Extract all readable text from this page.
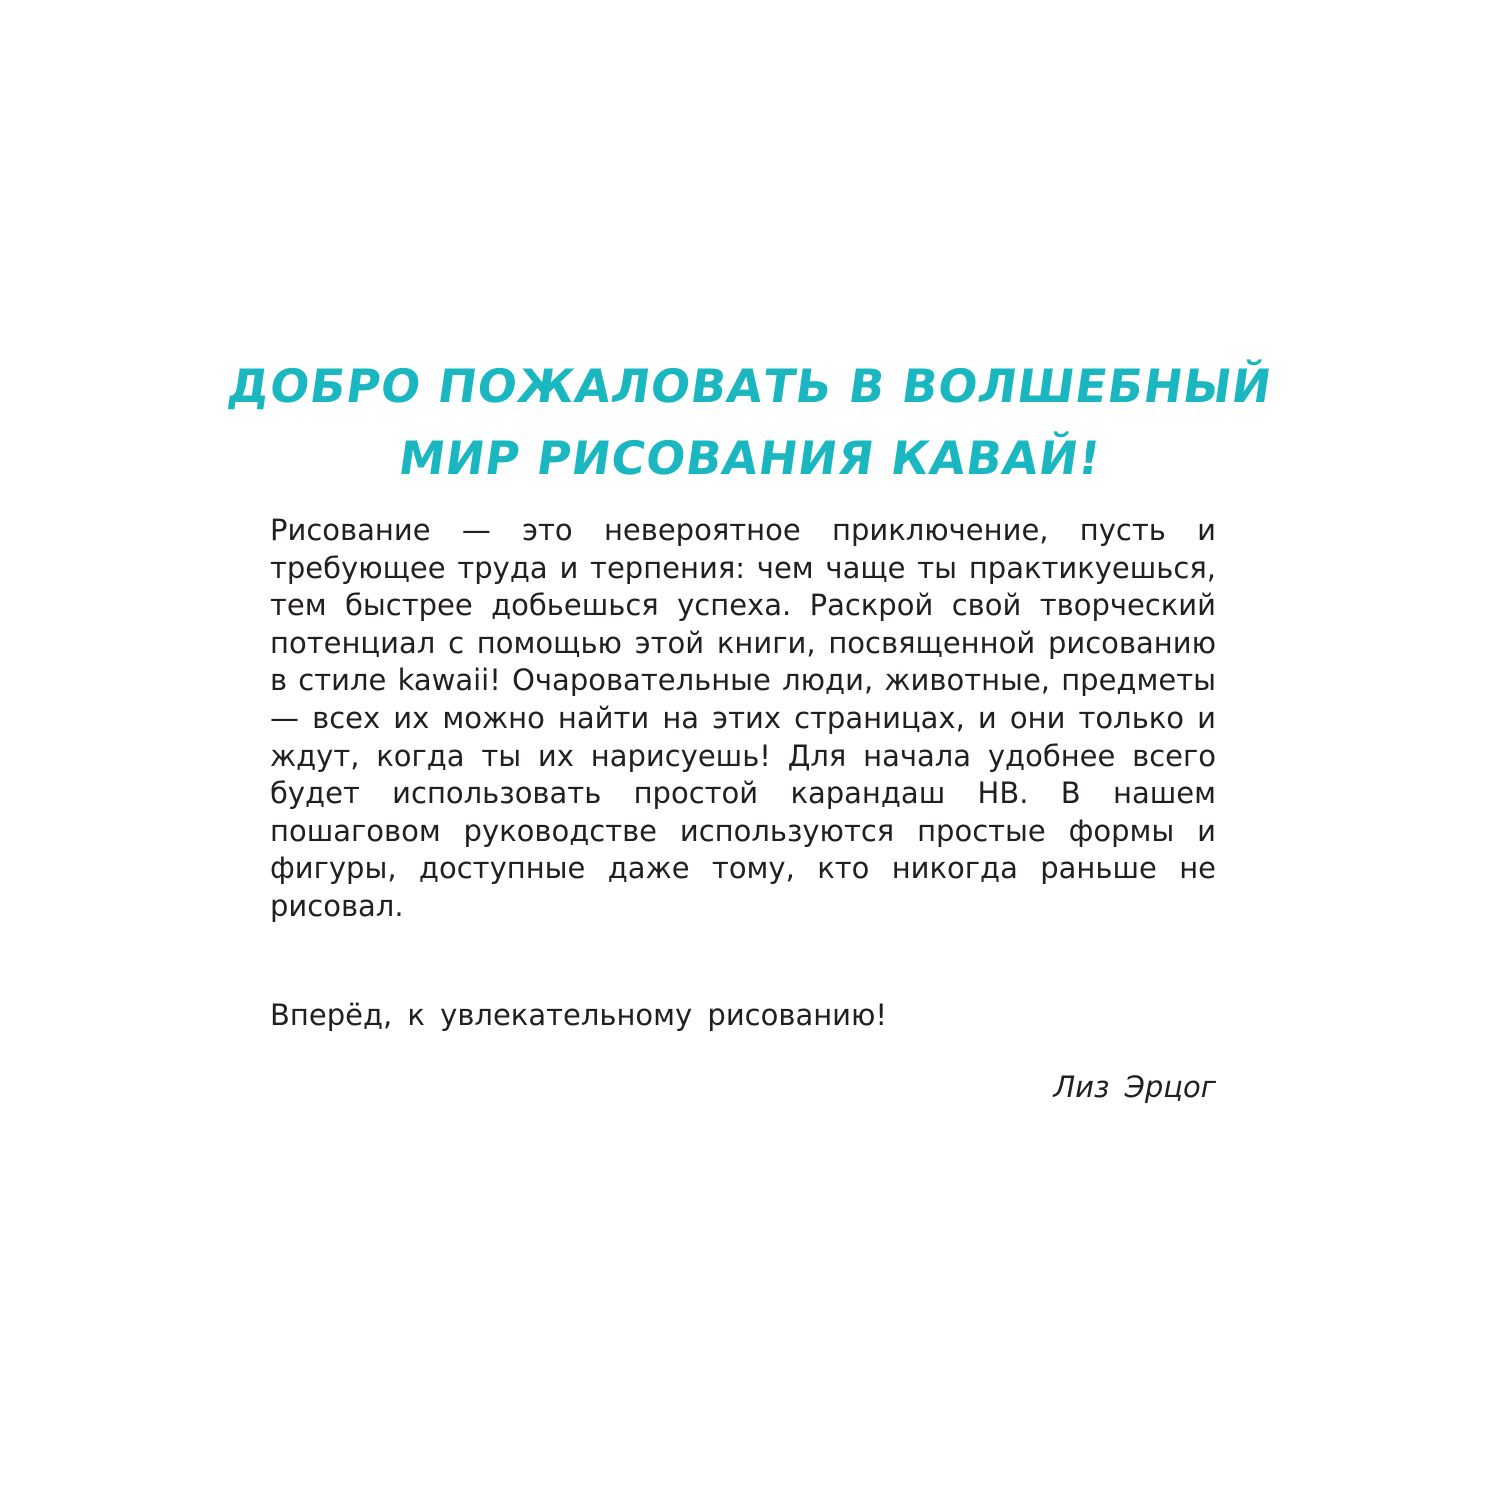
ДОБРО ПОЖАЛОВАТЬ В ВОЛШЕБНЫЙ
МИР РИСОВАНИЯ КАВАЙ!

Рисование — это невероятное приключение, пусть и требующее труда и терпения: чем чаще ты практикуешься, тем быстрее добьешься успеха. Раскрой свой творческий потенциал с помощью этой книги, посвященной рисованию в стиле kawaii! Очаровательные люди, животные, предметы — всех их можно найти на этих страницах, и они только и ждут, когда ты их нарисуешь! Для начала удобнее всего будет использовать простой карандаш HB. В нашем пошаговом руководстве используются простые формы и фигуры, доступные даже тому, кто никогда раньше не рисовал.

Вперёд, к увлекательному рисованию!

Лиз Эрцог
